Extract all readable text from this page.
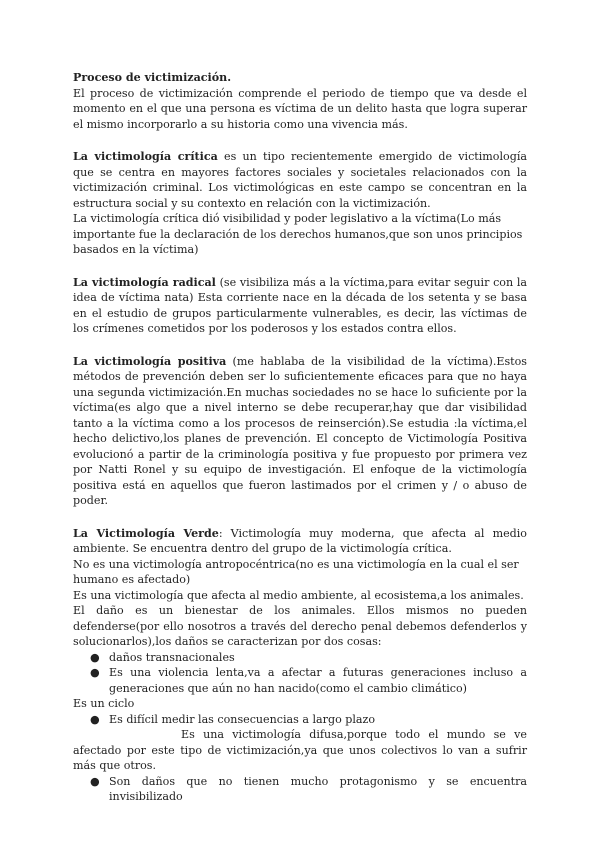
Proceso de victimización.

El proceso de victimización comprende el periodo de tiempo que va desde el momento en el que una persona es víctima de un delito hasta que logra superar el mismo incorporarlo a su historia como una vivencia más.

La victimología crítica es un tipo recientemente emergido de victimología que se centra en mayores factores sociales y societales relacionados con la victimización criminal. Los victimológicas en este campo se concentran en la estructura social y su contexto en relación con la victimización.

La victimología crítica dió visibilidad y poder legislativo a la víctima(Lo más importante fue la declaración de los derechos humanos,que son unos principios basados en la víctima)

La victimología radical (se visibiliza más a la víctima,para evitar seguir con la idea de víctima nata) Esta corriente nace en la década de los setenta y se basa en el estudio de grupos particularmente vulnerables, es decir, las víctimas de los crímenes cometidos por los poderosos y los estados contra ellos.

La victimología positiva (me hablaba de la visibilidad de la víctima).Estos métodos de prevención deben ser lo suficientemente eficaces para que no haya una segunda victimización.En muchas sociedades no se hace lo suficiente por la víctima(es algo que a nivel interno se debe recuperar,hay que dar visibilidad tanto a la víctima como a los procesos de reinserción).Se estudia :la víctima,el hecho delictivo,los planes de prevención. El concepto de Victimología Positiva evolucionó a partir de la criminología positiva y fue propuesto por primera vez por Natti Ronel y su equipo de investigación. El enfoque de la victimología positiva está en aquellos que fueron lastimados por el crimen y / o abuso de poder.

La Victimología Verde: Victimología muy moderna, que afecta al medio ambiente. Se encuentra dentro del grupo de la victimología crítica.

No es una victimología antropocéntrica(no es una victimología en la cual el ser humano es afectado)

Es una victimología que afecta al medio ambiente, al ecosistema,a los animales.

El daño es un bienestar de los animales. Ellos mismos no pueden defenderse(por ello nosotros a través del derecho penal debemos defenderlos y solucionarlos),los daños se caracterizan por dos cosas:

● daños transnacionales
● Es una violencia lenta,va a afectar a futuras generaciones incluso a generaciones que aún no han nacido(como el cambio climático)

Es un ciclo

● Es difícil medir las consecuencias a largo plazo

Es una victimología difusa,porque todo el mundo se ve afectado por este tipo de victimización,ya que unos colectivos lo van a sufrir más que otros.

● Son daños que no tienen mucho protagonismo y se encuentra invisibilizado
